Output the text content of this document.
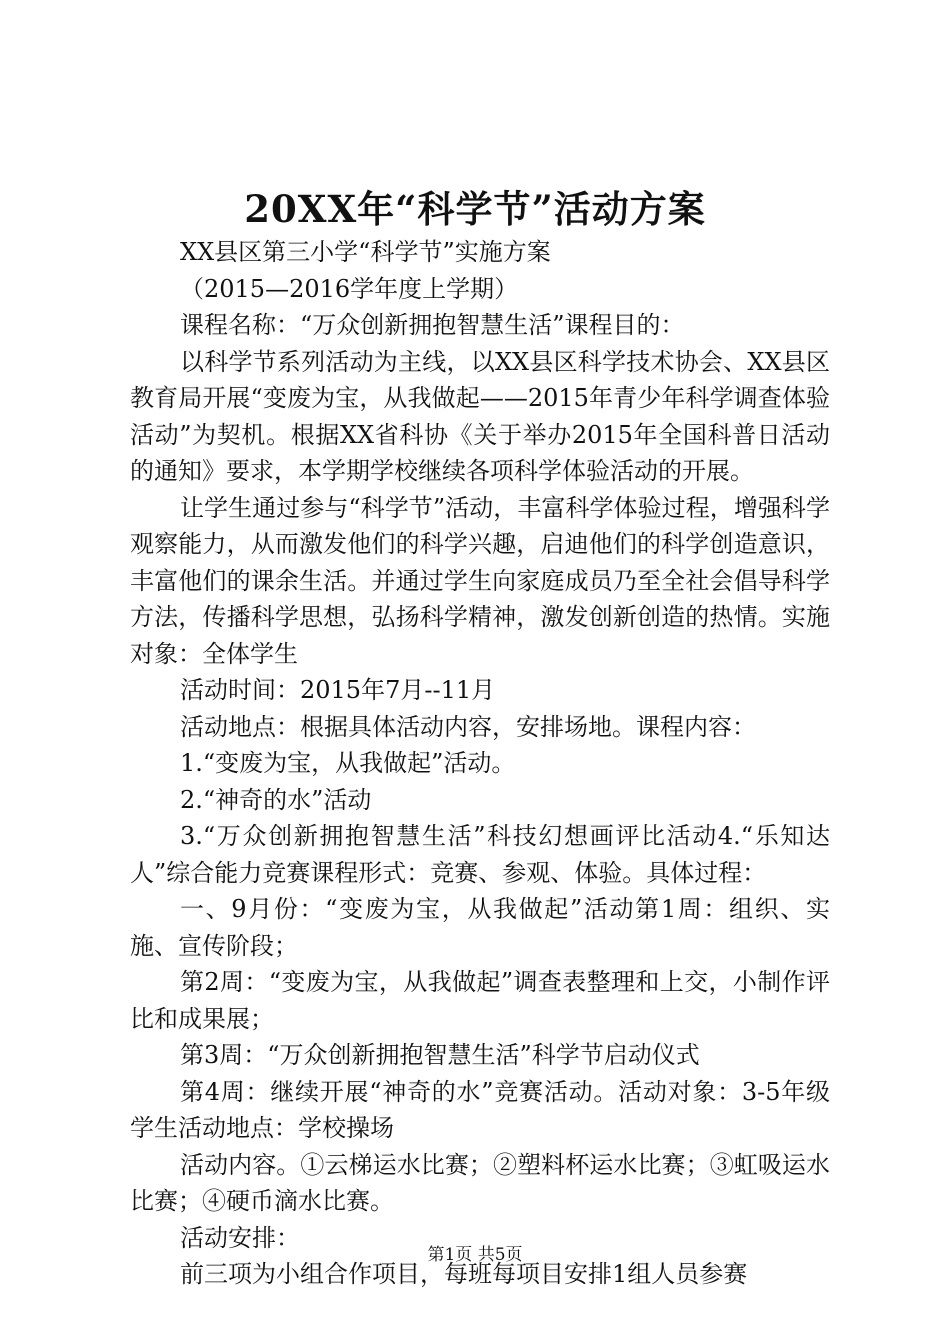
20XX年“科学节”活动方案

XX县区第三小学“科学节”实施方案

（2015—2016学年度上学期）

课程名称：“万众创新拥抱智慧生活”课程目的：

以科学节系列活动为主线，以XX县区科学技术协会、XX县区教育局开展“变废为宝，从我做起——2015年青少年科学调查体验活动”为契机。根据XX省科协《关于举办2015年全国科普日活动的通知》要求，本学期学校继续各项科学体验活动的开展。

让学生通过参与“科学节”活动，丰富科学体验过程，增强科学观察能力，从而激发他们的科学兴趣，启迪他们的科学创造意识，丰富他们的课余生活。并通过学生向家庭成员乃至全社会倡导科学方法，传播科学思想，弘扬科学精神，激发创新创造的热情。实施对象：全体学生

活动时间：2015年7月--11月

活动地点：根据具体活动内容，安排场地。课程内容：

1.“变废为宝，从我做起”活动。

2.“神奇的水”活动

3.“万众创新拥抱智慧生活”科技幻想画评比活动4.“乐知达人”综合能力竞赛课程形式：竞赛、参观、体验。具体过程：

一、9月份：“变废为宝，从我做起”活动第1周：组织、实施、宣传阶段；

第2周：“变废为宝，从我做起”调查表整理和上交，小制作评比和成果展；

第3周：“万众创新拥抱智慧生活”科学节启动仪式

第4周：继续开展“神奇的水”竞赛活动。活动对象：3-5年级学生活动地点：学校操场

活动内容。①云梯运水比赛；②塑料杯运水比赛；③虹吸运水比赛；④硬币滴水比赛。

活动安排：

前三项为小组合作项目，每班每项目安排1组人员参赛

第1页 共5页
